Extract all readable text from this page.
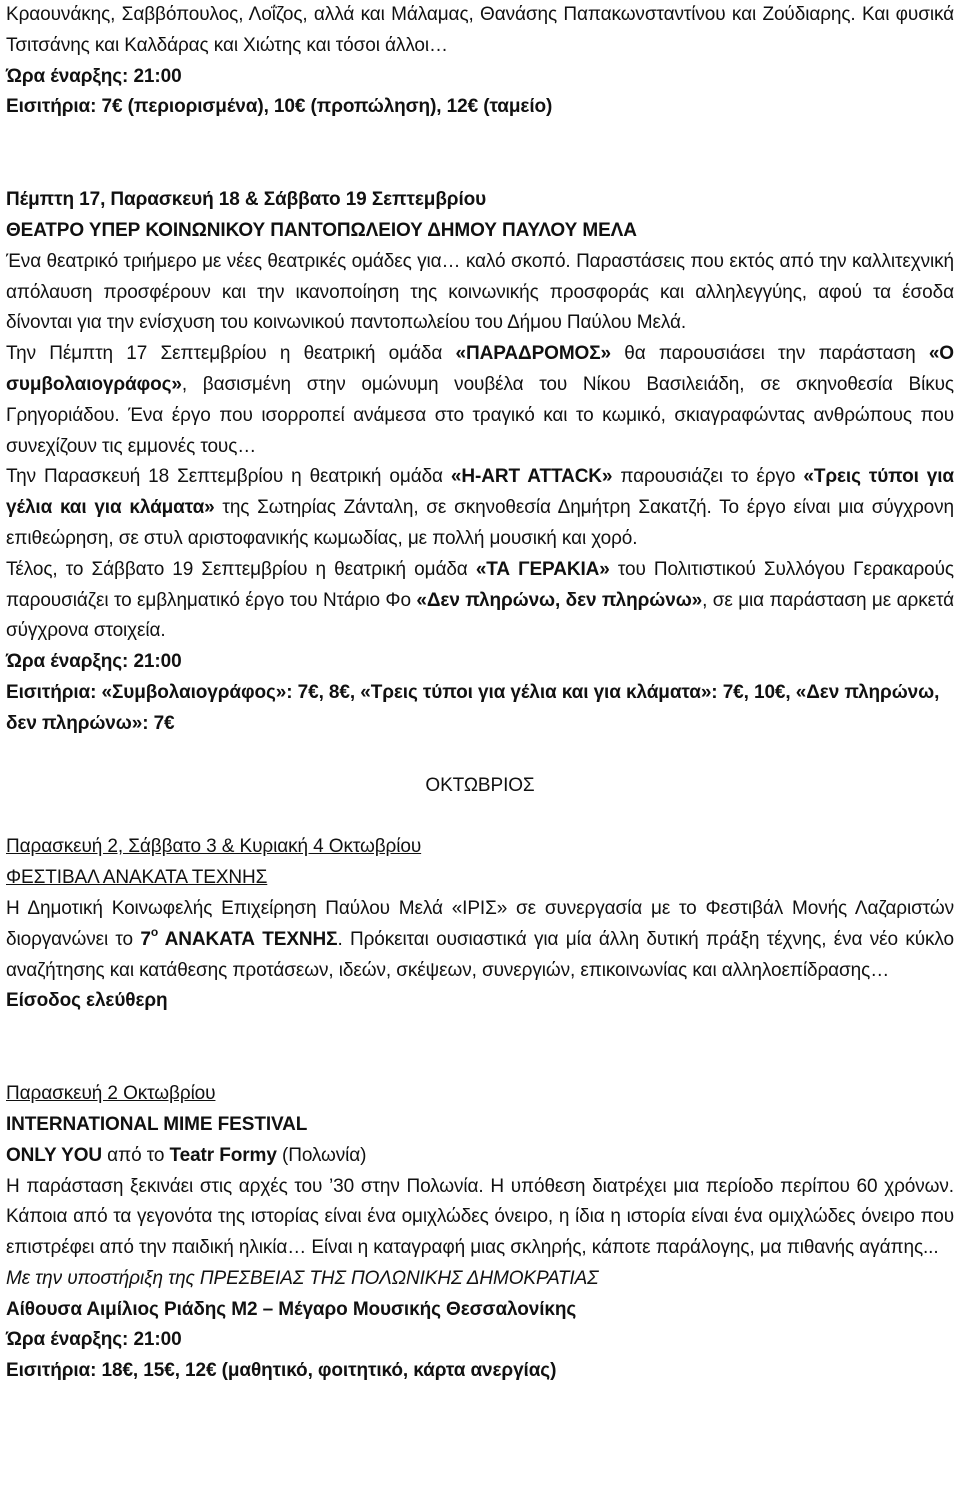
Κραουνάκης, Σαββόπουλος, Λοΐζος, αλλά και Μάλαμας, Θανάσης Παπακωνσταντίνου και Ζούδιαρης. Και φυσικά Τσιτσάνης και Καλδάρας και Χιώτης και τόσοι άλλοι…

Ώρα έναρξης: 21:00

Εισιτήρια: 7€ (περιορισμένα), 10€ (προπώληση), 12€ (ταμείο)

Πέμπτη 17, Παρασκευή 18 & Σάββατο 19 Σεπτεμβρίου

ΘΕΑΤΡΟ ΥΠΕΡ ΚΟΙΝΩΝΙΚΟΥ ΠΑΝΤΟΠΩΛΕΙΟΥ ΔΗΜΟΥ ΠΑΥΛΟΥ ΜΕΛΑ

Ένα θεατρικό τριήμερο με νέες θεατρικές ομάδες για… καλό σκοπό. Παραστάσεις που εκτός από την καλλιτεχνική απόλαυση προσφέρουν και την ικανοποίηση της κοινωνικής προσφοράς και αλληλεγγύης, αφού τα έσοδα δίνονται για την ενίσχυση του κοινωνικού παντοπωλείου του Δήμου Παύλου Μελά.

Την Πέμπτη 17 Σεπτεμβρίου η θεατρική ομάδα «ΠΑΡΑΔΡΟΜΟΣ» θα παρουσιάσει την παράσταση «Ο συμβολαιογράφος», βασισμένη στην ομώνυμη νουβέλα του Νίκου Βασιλειάδη, σε σκηνοθεσία Βίκυς Γρηγοριάδου. Ένα έργο που ισορροπεί ανάμεσα στο τραγικό και το κωμικό, σκιαγραφώντας ανθρώπους που συνεχίζουν τις εμμονές τους…

Την Παρασκευή 18 Σεπτεμβρίου η θεατρική ομάδα «H-ART ATTACK» παρουσιάζει το έργο «Τρεις τύποι για γέλια και για κλάματα» της Σωτηρίας Ζάνταλη, σε σκηνοθεσία Δημήτρη Σακατζή. Το έργο είναι μια σύγχρονη επιθεώρηση, σε στυλ αριστοφανικής κωμωδίας, με πολλή μουσική και χορό.

Τέλος, το Σάββατο 19 Σεπτεμβρίου η θεατρική ομάδα «ΤΑ ΓΕΡΑΚΙΑ» του Πολιτιστικού Συλλόγου Γερακαρούς παρουσιάζει το εμβληματικό έργο του Ντάριο Φο «Δεν πληρώνω, δεν πληρώνω», σε μια παράσταση με αρκετά σύγχρονα στοιχεία.

Ώρα έναρξης: 21:00

Εισιτήρια: «Συμβολαιογράφος»: 7€, 8€, «Τρεις τύποι για γέλια και για κλάματα»: 7€, 10€, «Δεν πληρώνω, δεν πληρώνω»: 7€

ΟΚΤΩΒΡΙΟΣ

Παρασκευή 2, Σάββατο 3 & Κυριακή 4 Οκτωβρίου

ΦΕΣΤΙΒΑΛ ΑΝΑΚΑΤΑ ΤΕΧΝΗΣ

Η Δημοτική Κοινωφελής Επιχείρηση Παύλου Μελά «ΙΡΙΣ» σε συνεργασία με το Φεστιβάλ Μονής Λαζαριστών διοργανώνει το $7^o$ ΑΝΑΚΑΤΑ ΤΕΧΝΗΣ. Πρόκειται ουσιαστικά για μία άλλη δυτική πράξη τέχνης, ένα νέο κύκλο αναζήτησης και κατάθεσης προτάσεων, ιδεών, σκέψεων, συνεργιών, επικοινωνίας και αλληλοεπίδρασης…

Είσοδος ελεύθερη

Παρασκευή 2 Οκτωβρίου

INTERNATIONAL MIME FESTIVAL

ONLY YOU από το Teatr Formy (Πολωνία)

Η παράσταση ξεκινάει στις αρχές του ’30 στην Πολωνία. Η υπόθεση διατρέχει μια περίοδο περίπου 60 χρόνων. Κάποια από τα γεγονότα της ιστορίας είναι ένα ομιχλώδες όνειρο, η ίδια η ιστορία είναι ένα ομιχλώδες όνειρο που επιστρέφει από την παιδική ηλικία… Είναι η καταγραφή μιας σκληρής, κάποτε παράλογης, μα πιθανής αγάπης...

Με την υποστήριξη της ΠΡΕΣΒΕΙΑΣ ΤΗΣ ΠΟΛΩΝΙΚΗΣ ΔΗΜΟΚΡΑΤΙΑΣ

Αίθουσα Αιμίλιος Ριάδης Μ2 – Μέγαρο Μουσικής Θεσσαλονίκης

Ώρα έναρξης: 21:00

Εισιτήρια: 18€, 15€, 12€ (μαθητικό, φοιτητικό, κάρτα ανεργίας)
